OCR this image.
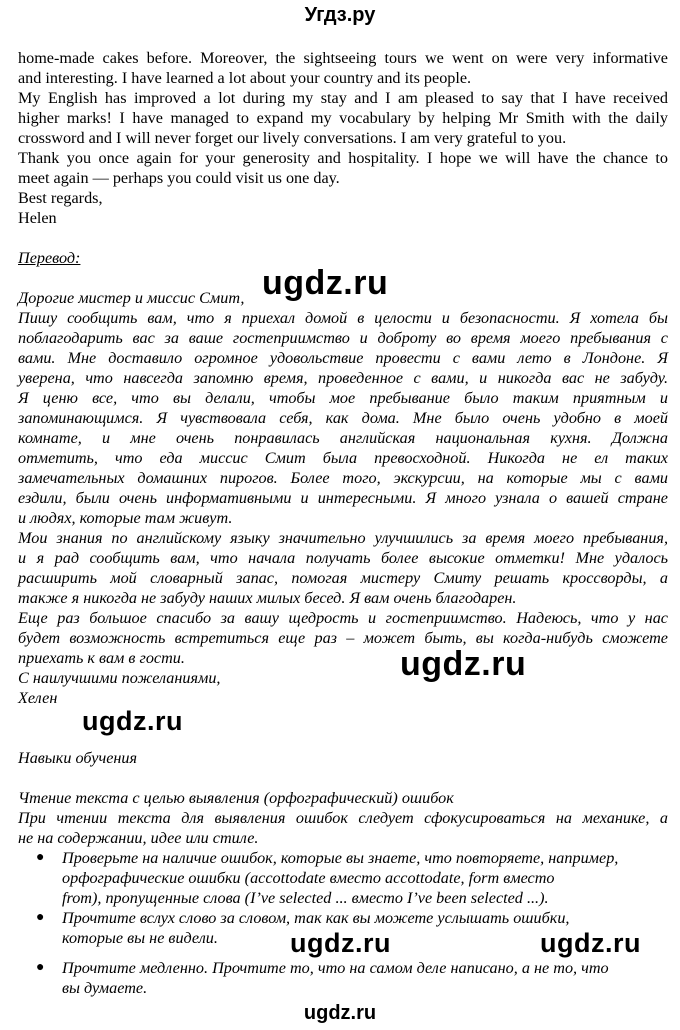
Угдз.ру
home-made cakes before. Moreover, the sightseeing tours we went on were very informative
and interesting. I have learned a lot about your country and its people.
My English has improved a lot during my stay and I am pleased to say that I have received
higher marks! I have managed to expand my vocabulary by helping Mr Smith with the daily
crossword and I will never forget our lively conversations. I am very grateful to you.
Thank you once again for your generosity and hospitality. I hope we will have the chance to
meet again — perhaps you could visit us one day.
Best regards,
Helen
Перевод:
Дорогие мистер и миссис Смит,
Пишу сообщить вам, что я приехал домой в целости и безопасности. Я хотела бы
поблагодарить вас за ваше гостеприимство и доброту во время моего пребывания с
вами. Мне доставило огромное удовольствие провести с вами лето в Лондоне. Я
уверена, что навсегда запомню время, проведенное с вами, и никогда вас не забуду.
Я ценю все, что вы делали, чтобы мое пребывание было таким приятным и
запоминающимся. Я чувствовала себя, как дома. Мне было очень удобно в моей
комнате, и мне очень понравилась английская национальная кухня. Должна
отметить, что еда миссис Смит была превосходной. Никогда не ел таких
замечательных домашних пирогов. Более того, экскурсии, на которые мы с вами
ездили, были очень информативными и интересными. Я много узнала о вашей стране
и людях, которые там живут.
Мои знания по английскому языку значительно улучшились за время моего пребывания,
и я рад сообщить вам, что начала получать более высокие отметки! Мне удалось
расширить мой словарный запас, помогая мистеру Смиту решать кроссворды, а
также я никогда не забуду наших милых бесед. Я вам очень благодарен.
Еще раз большое спасибо за вашу щедрость и гостеприимство. Надеюсь, что у нас
будет возможность встретиться еще раз – может быть, вы когда-нибудь сможете
приехать к вам в гости.
С наилучшими пожеланиями,
Хелен
Навыки обучения
Чтение текста с целью выявления (орфографический) ошибок
При чтении текста для выявления ошибок следует сфокусироваться на механике, а
не на содержании, идее или стиле.
● Проверьте на наличие ошибок, которые вы знаете, что повторяете, например,
орфографические ошибки (accottodate вместо accottodate, form вместо
from), пропущенные слова (I’ve selected ... вместо I’ve been selected ...).
● Прочтите вслух слово за словом, так как вы можете услышать ошибки,
которые вы не видели.
● Прочтите медленно. Прочтите то, что на самом деле написано, а не то, что
вы думаете.
ugdz.ru
ugdz.ru
ugdz.ru
ugdz.ru	ugdz.ru
ugdz.ru
